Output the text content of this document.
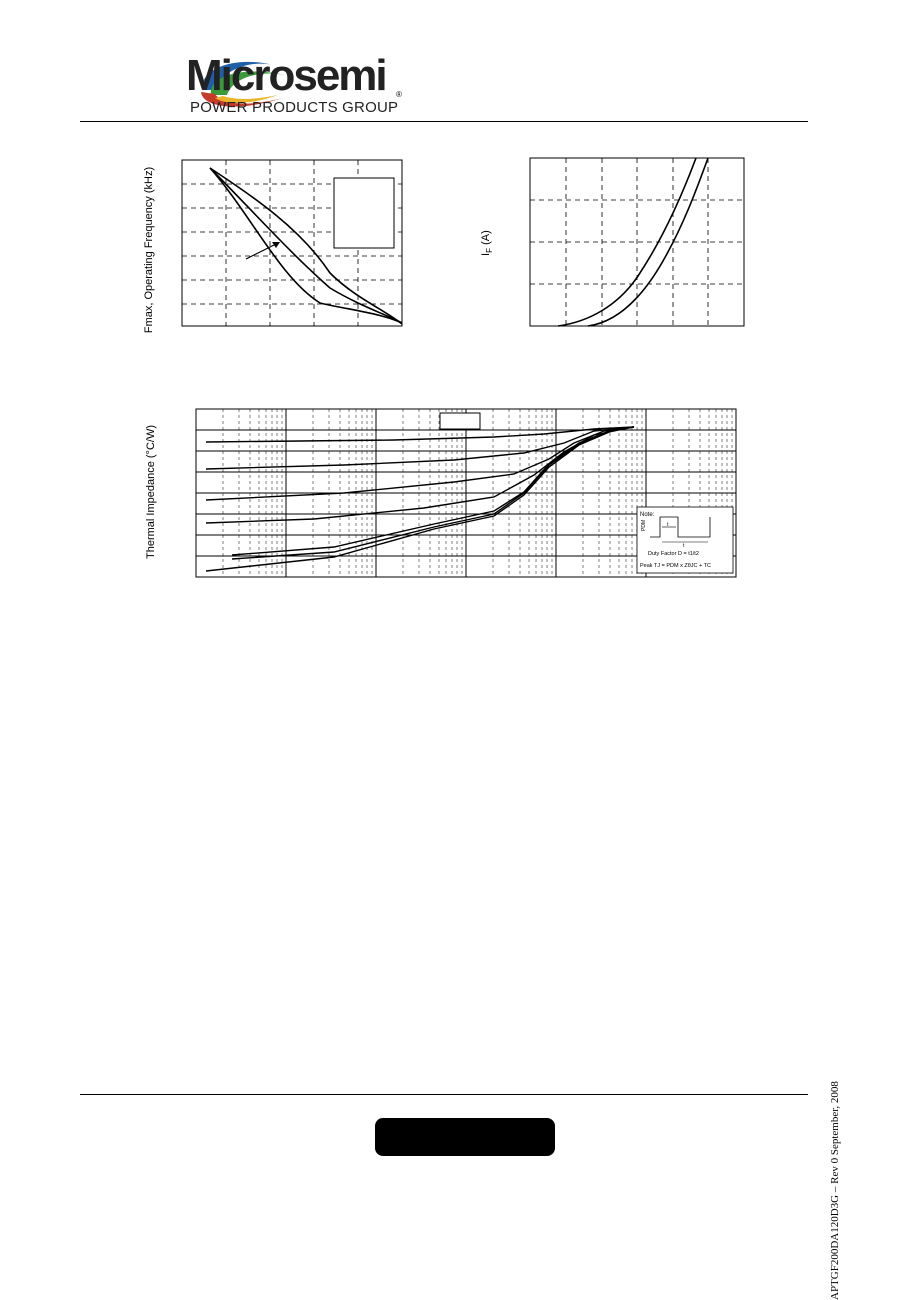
Microsemi ®
POWER PRODUCTS GROUP
Fmax, Operating Frequency (kHz)	$I_F$ (A)
Note:
PDM	t
t
Duty Factor D = t1/t2
Peak TJ = PDM x ZθJC + TC
Thermal Impedance (°C/W)
APTGF200DA120D3G – Rev 0 September, 2008
